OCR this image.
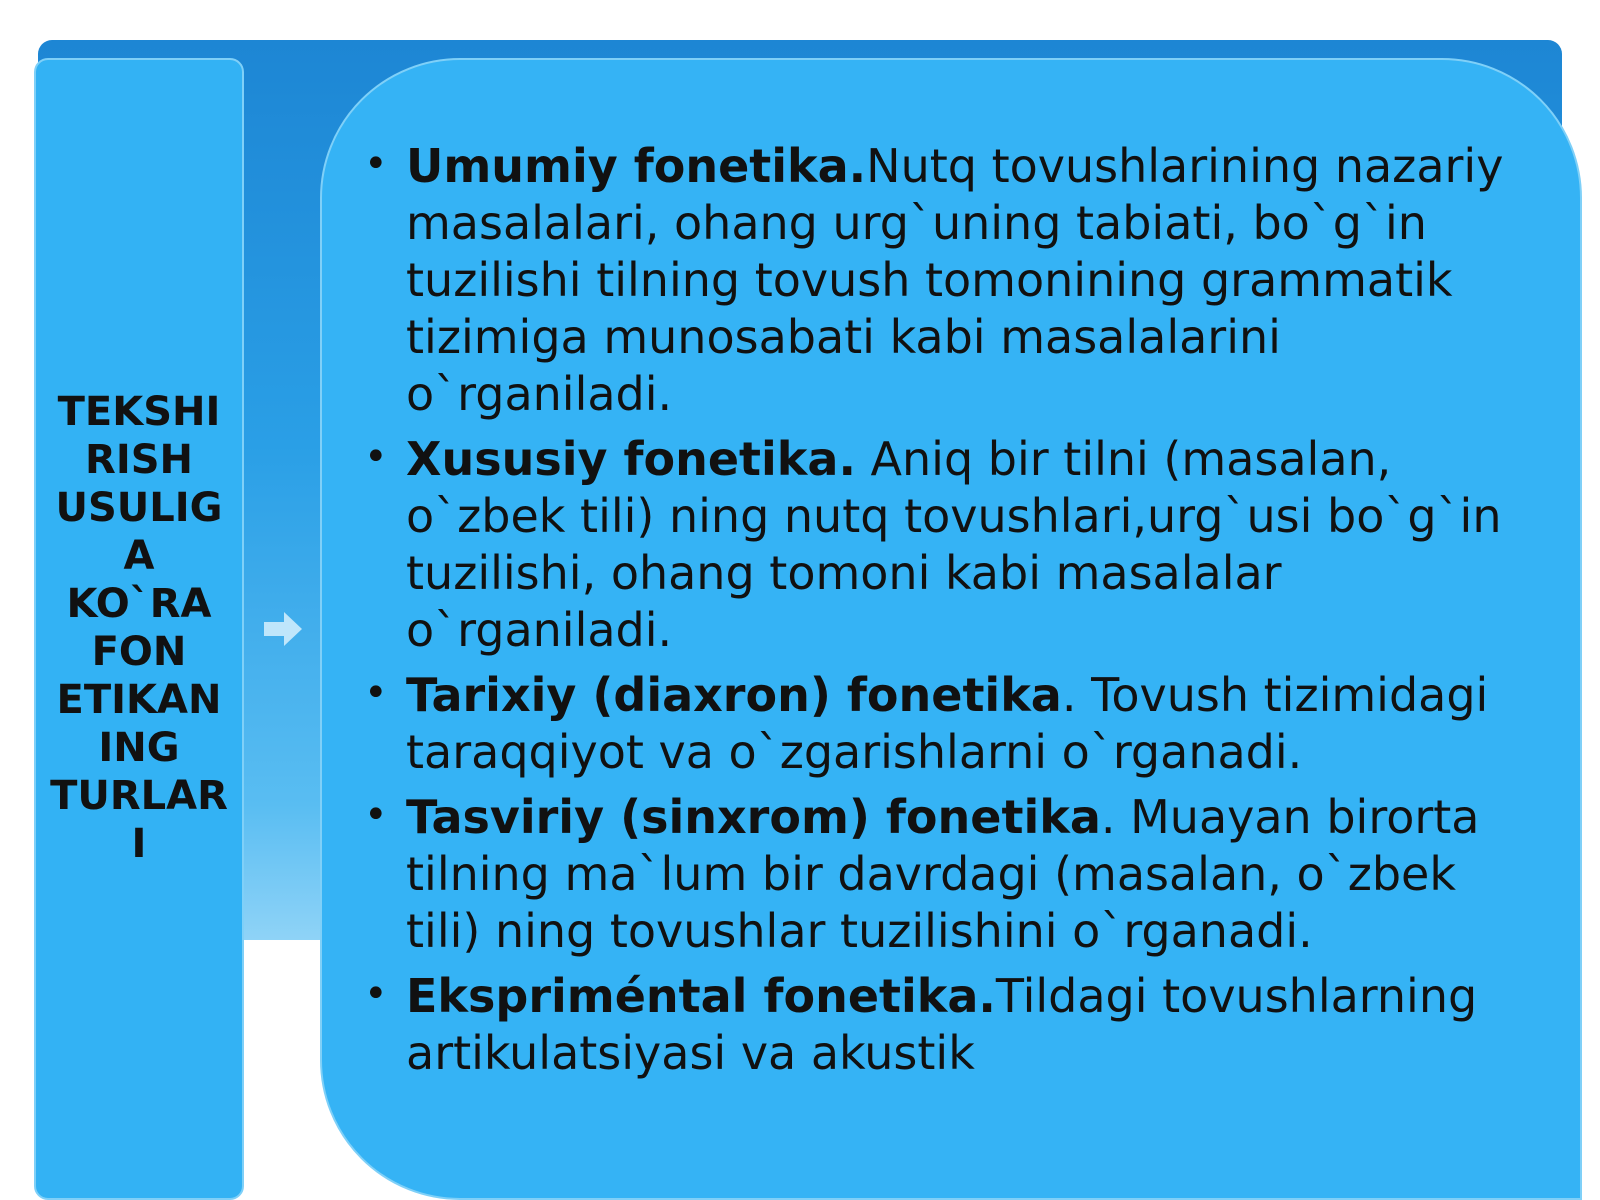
TEKSHI
RISH
USULIG
A
KO`RA
FON
ETIKAN
ING
TURLAR
I

• Umumiy fonetika.Nutq tovushlarining nazariy masalalari, ohang urg`uning tabiati, bo`g`in tuzilishi tilning tovush tomonining grammatik tizimiga munosabati kabi masalalarini o`rganiladi.
• Xususiy fonetika. Aniq bir tilni (masalan, o`zbek tili) ning nutq tovushlari,urg`usi bo`g`in tuzilishi, ohang tomoni kabi masalalar o`rganiladi.
• Tarixiy (diaxron) fonetika. Tovush tizimidagi taraqqiyot va o`zgarishlarni o`rganadi.
• Tasviriy (sinxrom) fonetika. Muayan birorta tilning ma`lum bir davrdagi (masalan, o`zbek tili) ning tovushlar tuzilishini o`rganadi.
• Ekspriméntal fonetika.Tildagi tovushlarning artikulatsiyasi va akustik
